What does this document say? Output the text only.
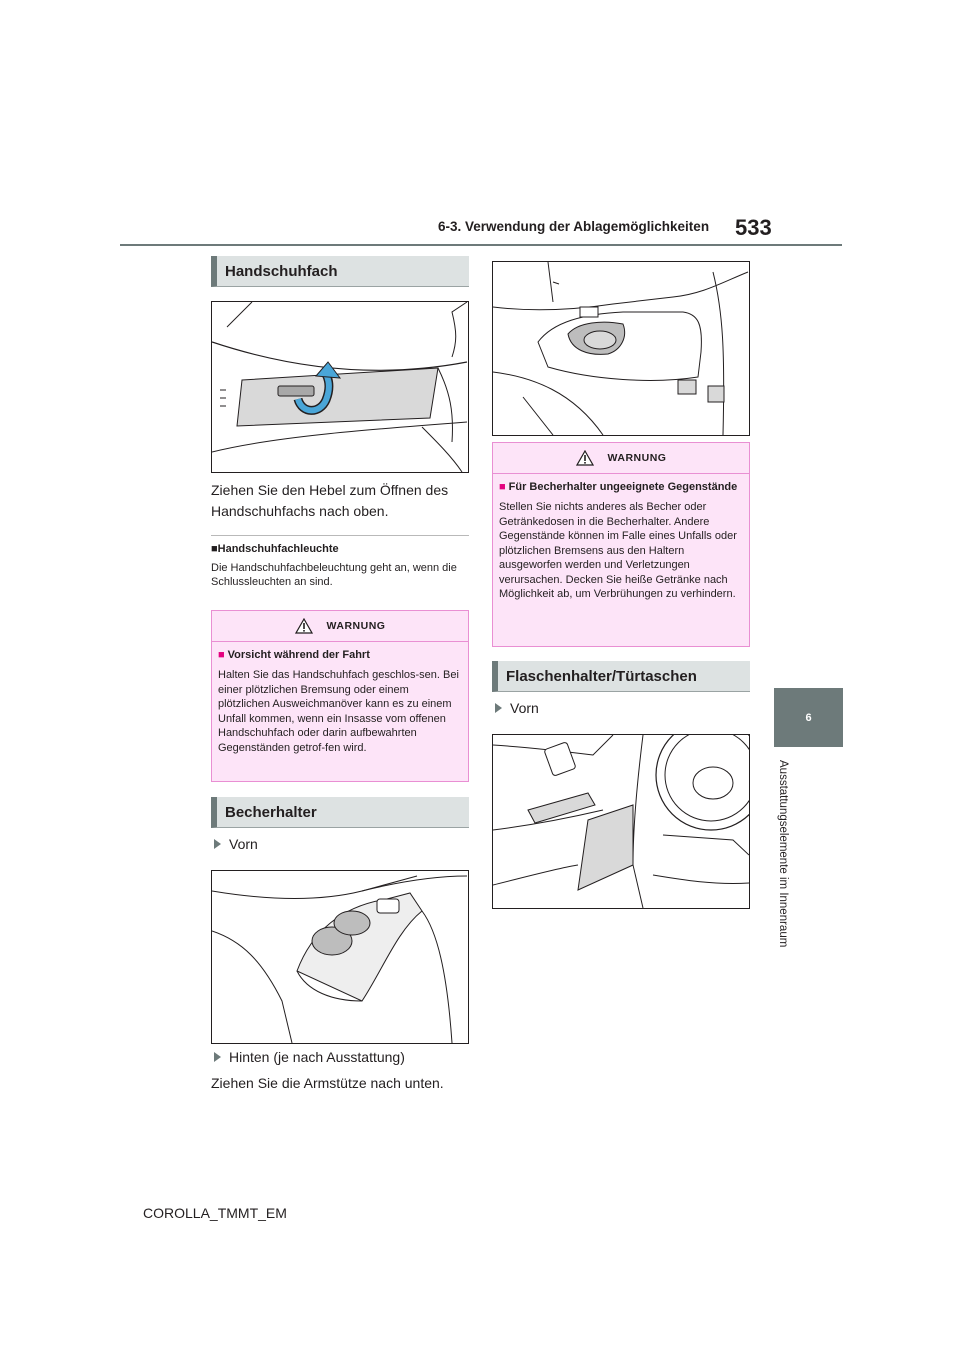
6-3. Verwendung der Ablagemöglichkeiten 533
6
Ausstattungselemente im Innenraum
Handschuhfach
Ziehen Sie den Hebel zum Öffnen des Handschuhfachs nach oben.
■Handschuhfachleuchte
Die Handschuhfachbeleuchtung geht an, wenn die Schlussleuchten an sind.
WARNUNG
■ Vorsicht während der Fahrt
Halten Sie das Handschuhfach geschlos-sen. Bei einer plötzlichen Bremsung oder einem plötzlichen Ausweichmanöver kann es zu einem Unfall kommen, wenn ein Insasse vom offenen Handschuhfach oder darin aufbewahrten Gegenständen getrof-fen wird.
Becherhalter
Vorn
Hinten (je nach Ausstattung)
Ziehen Sie die Armstütze nach unten.
WARNUNG
■ Für Becherhalter ungeeignete Gegenstände
Stellen Sie nichts anderes als Becher oder Getränkedosen in die Becherhalter. Andere Gegenstände können im Falle eines Unfalls oder plötzlichen Bremsens aus den Haltern ausgeworfen werden und Verletzungen verursachen. Decken Sie heiße Getränke nach Möglichkeit ab, um Verbrühungen zu verhindern.
Flaschenhalter/Türtaschen
Vorn
COROLLA_TMMT_EM
